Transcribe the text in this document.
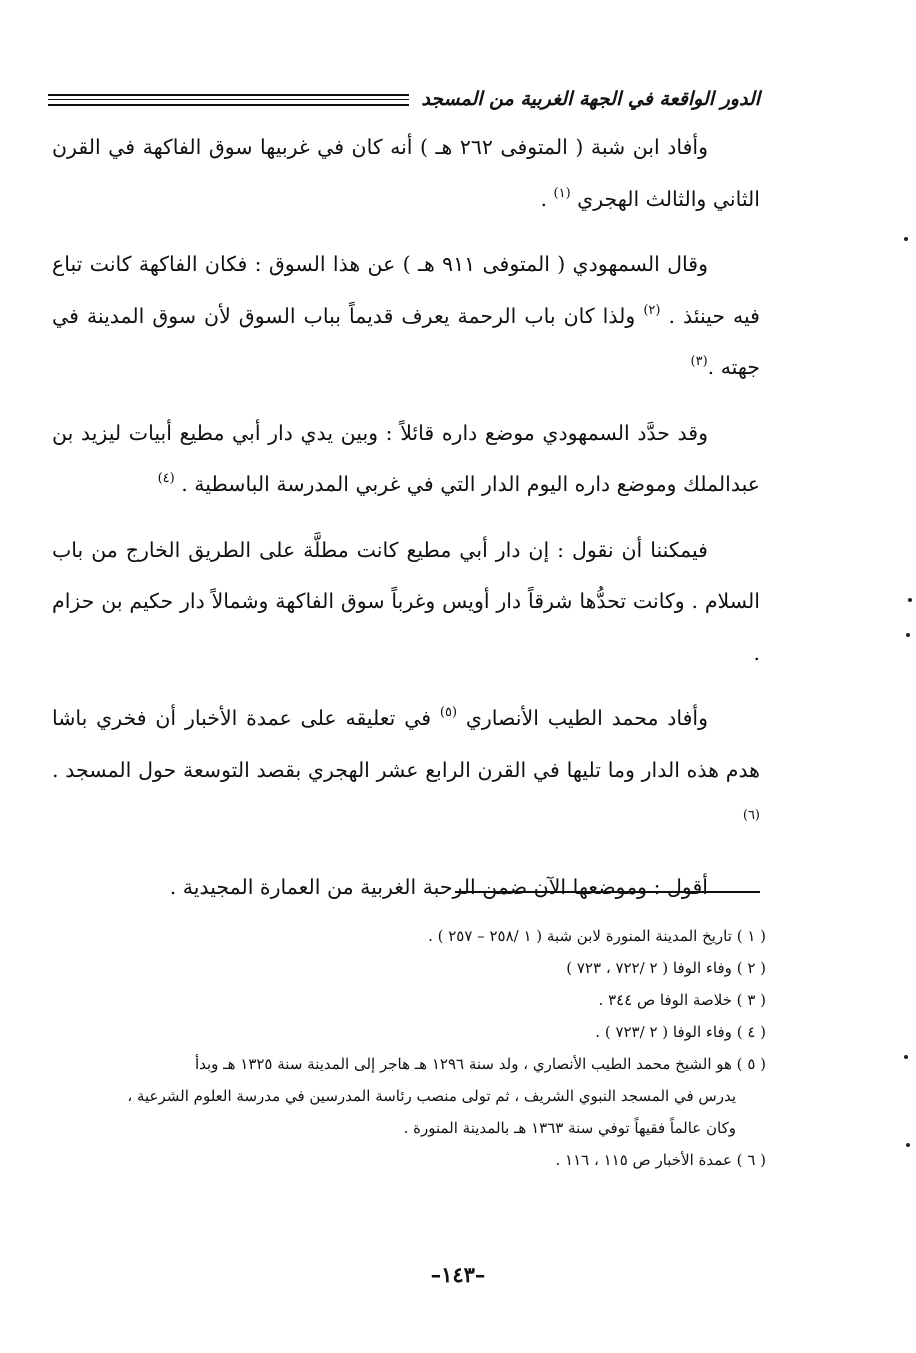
الدور الواقعة في الجهة الغربية من المسجد

وأفاد ابن شبة ( المتوفى ٢٦٢ هـ ) أنه كان في غربيها سوق الفاكهة في القرن الثاني والثالث الهجري $^{(١)}$ .

وقال السمهودي ( المتوفى ٩١١ هـ ) عن هذا السوق : فكان الفاكهة كانت تباع فيه حينئذ . $^{(٢)}$ ولذا كان باب الرحمة يعرف قديماً بباب السوق لأن سوق المدينة في جهته .$^{(٣)}$

وقد حدَّد السمهودي موضع داره قائلاً : وبين يدي دار أبي مطيع أبيات ليزيد بن عبدالملك وموضع داره اليوم الدار التي في غربي المدرسة الباسطية . $^{(٤)}$

فيمكننا أن نقول : إن دار أبي مطيع كانت مطلَّة على الطريق الخارج من باب السلام . وكانت تحدُّها شرقاً دار أويس وغرباً سوق الفاكهة وشمالاً دار حكيم بن حزام .

وأفاد محمد الطيب الأنصاري $^{(٥)}$ في تعليقه على عمدة الأخبار أن فخري باشا هدم هذه الدار وما تليها في القرن الرابع عشر الهجري بقصد التوسعة حول المسجد .$^{(٦)}$

أقول : وموضعها الآن ضمن الرحبة الغربية من العمارة المجيدية .

( ١ ) تاريخ المدينة المنورة لابن شبة ( ١ /٢٥٨ – ٢٥٧ ) .

( ٢ ) وفاء الوفا ( ٢ /٧٢٢ ، ٧٢٣ )

( ٣ ) خلاصة الوفا ص ٣٤٤ .

( ٤ ) وفاء الوفا ( ٢ /٧٢٣ ) .

( ٥ ) هو الشيخ محمد الطيب الأنصاري ، ولد سنة ١٢٩٦ هـ هاجر إلى المدينة سنة ١٣٢٥ هـ وبدأ

يدرس في المسجد النبوي الشريف ، ثم تولى منصب رئاسة المدرسين في مدرسة العلوم الشرعية ،

وكان عالماً فقيهاً توفي سنة ١٣٦٣ هـ بالمدينة المنورة .

( ٦ ) عمدة الأخبار ص ١١٥ ، ١١٦ .

–١٤٣–
